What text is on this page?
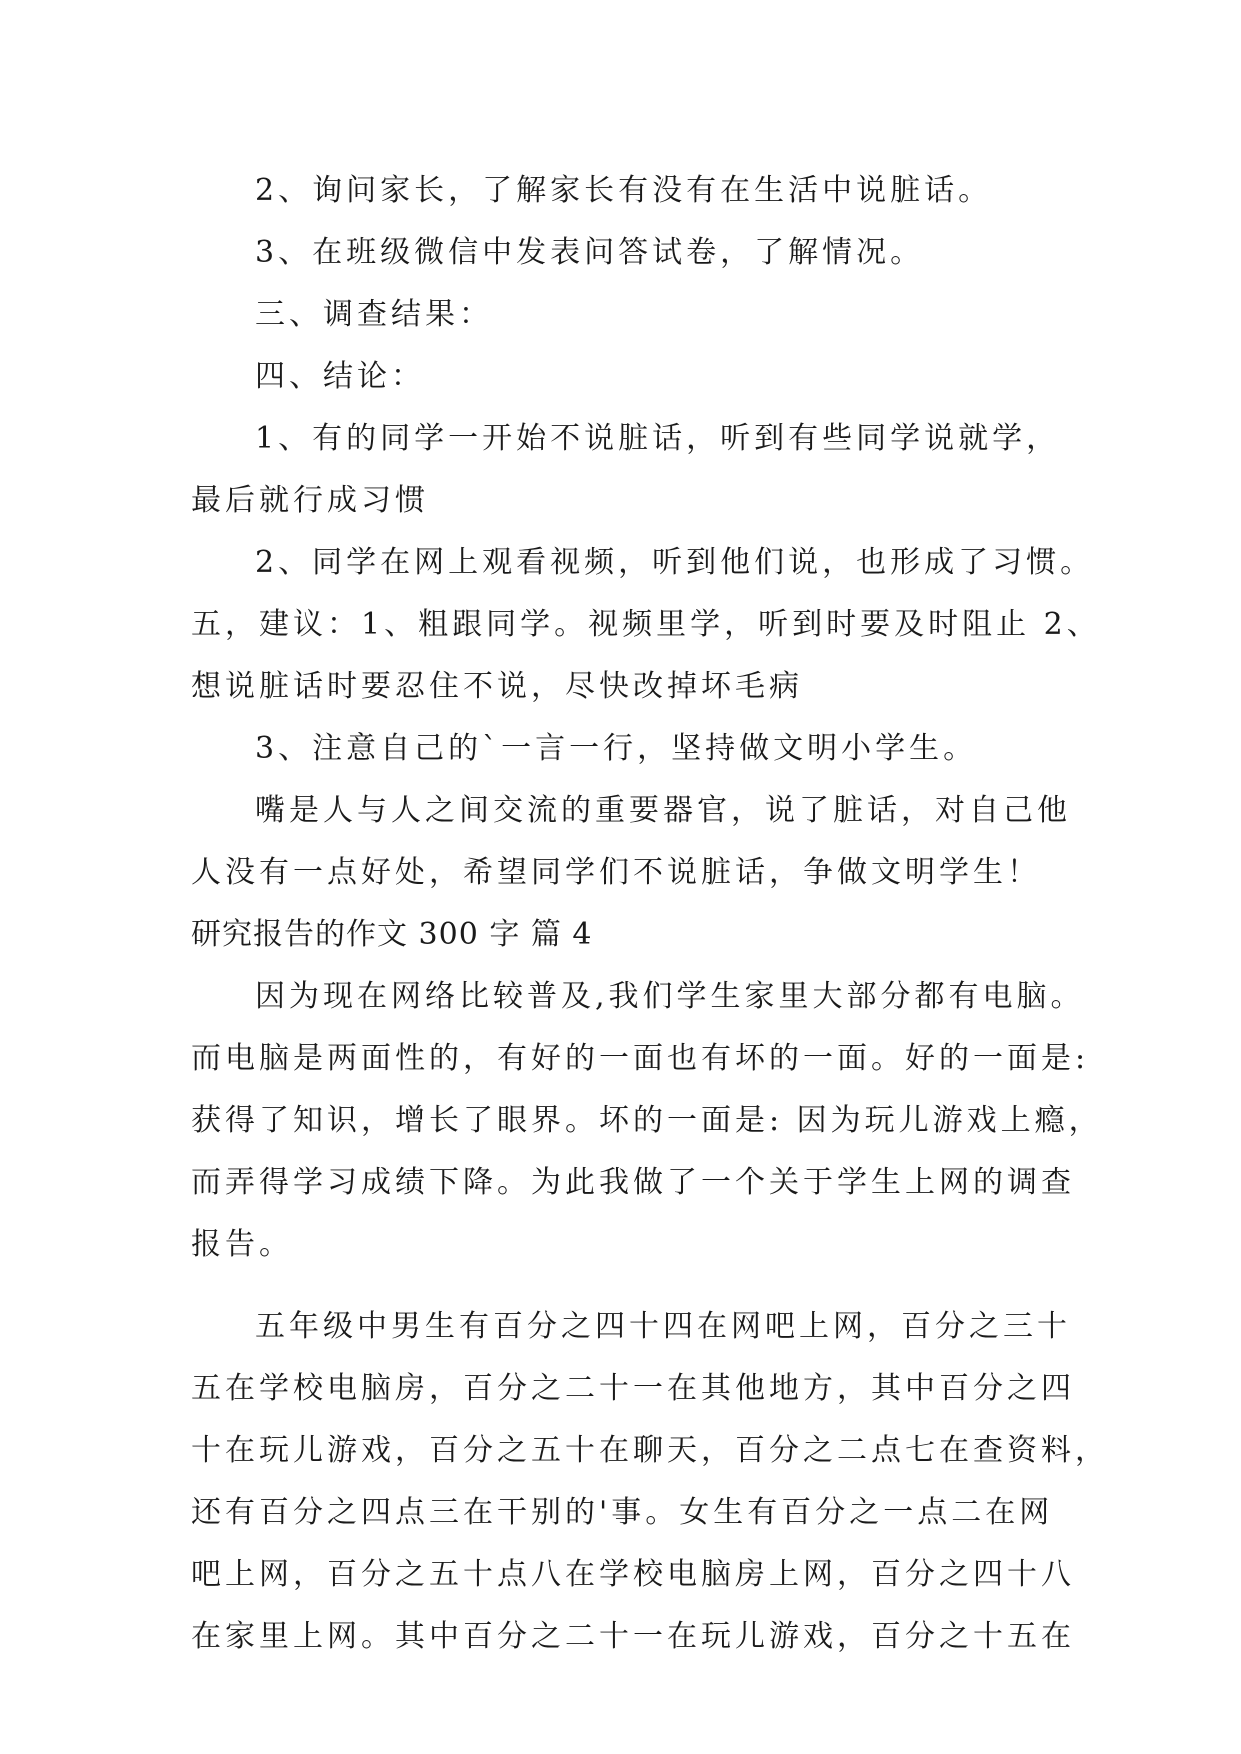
2、询问家长，了解家长有没有在生活中说脏话。

3、在班级微信中发表问答试卷，了解情况。

三、调查结果：

四、结论：

1、有的同学一开始不说脏话，听到有些同学说就学，

最后就行成习惯

2、同学在网上观看视频，听到他们说，也形成了习惯。

五，建议：1、粗跟同学。视频里学，听到时要及时阻止 2、

想说脏话时要忍住不说，尽快改掉坏毛病

3、注意自己的`一言一行，坚持做文明小学生。

嘴是人与人之间交流的重要器官，说了脏话，对自己他

人没有一点好处，希望同学们不说脏话，争做文明学生！

研究报告的作文 300 字 篇 4

因为现在网络比较普及,我们学生家里大部分都有电脑。

而电脑是两面性的，有好的一面也有坏的一面。好的一面是:

获得了知识，增长了眼界。坏的一面是: 因为玩儿游戏上瘾，

而弄得学习成绩下降。为此我做了一个关于学生上网的调查

报告。

五年级中男生有百分之四十四在网吧上网，百分之三十

五在学校电脑房，百分之二十一在其他地方，其中百分之四

十在玩儿游戏，百分之五十在聊天，百分之二点七在查资料，

还有百分之四点三在干别的'事。女生有百分之一点二在网

吧上网，百分之五十点八在学校电脑房上网，百分之四十八

在家里上网。其中百分之二十一在玩儿游戏，百分之十五在
